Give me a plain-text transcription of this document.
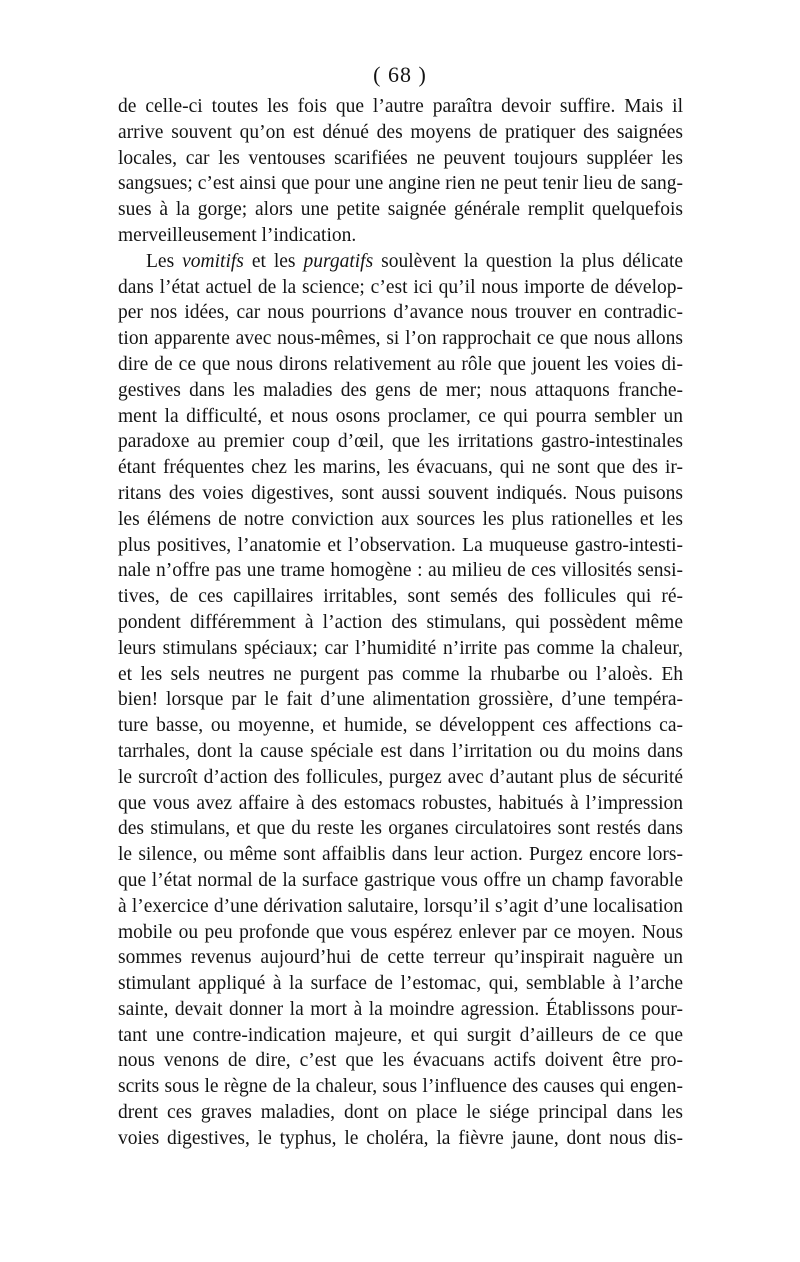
( 68 )
de celle-ci toutes les fois que l’autre paraîtra devoir suffire. Mais il
arrive souvent qu’on est dénué des moyens de pratiquer des saignées
locales, car les ventouses scarifiées ne peuvent toujours suppléer les
sangsues; c’est ainsi que pour une angine rien ne peut tenir lieu de sang-
sues à la gorge; alors une petite saignée générale remplit quelquefois
merveilleusement l’indication.
Les vomitifs et les purgatifs soulèvent la question la plus délicate
dans l’état actuel de la science; c’est ici qu’il nous importe de dévelop-
per nos idées, car nous pourrions d’avance nous trouver en contradic-
tion apparente avec nous-mêmes, si l’on rapprochait ce que nous allons
dire de ce que nous dirons relativement au rôle que jouent les voies di-
gestives dans les maladies des gens de mer; nous attaquons franche-
ment la difficulté, et nous osons proclamer, ce qui pourra sembler un
paradoxe au premier coup d’œil, que les irritations gastro-intestinales
étant fréquentes chez les marins, les évacuans, qui ne sont que des ir-
ritans des voies digestives, sont aussi souvent indiqués. Nous puisons
les élémens de notre conviction aux sources les plus rationelles et les
plus positives, l’anatomie et l’observation. La muqueuse gastro-intesti-
nale n’offre pas une trame homogène : au milieu de ces villosités sensi-
tives, de ces capillaires irritables, sont semés des follicules qui ré-
pondent différemment à l’action des stimulans, qui possèdent même
leurs stimulans spéciaux; car l’humidité n’irrite pas comme la chaleur,
et les sels neutres ne purgent pas comme la rhubarbe ou l’aloès. Eh
bien! lorsque par le fait d’une alimentation grossière, d’une tempéra-
ture basse, ou moyenne, et humide, se développent ces affections ca-
tarrhales, dont la cause spéciale est dans l’irritation ou du moins dans
le surcroît d’action des follicules, purgez avec d’autant plus de sécurité
que vous avez affaire à des estomacs robustes, habitués à l’impression
des stimulans, et que du reste les organes circulatoires sont restés dans
le silence, ou même sont affaiblis dans leur action. Purgez encore lors-
que l’état normal de la surface gastrique vous offre un champ favorable
à l’exercice d’une dérivation salutaire, lorsqu’il s’agit d’une localisation
mobile ou peu profonde que vous espérez enlever par ce moyen. Nous
sommes revenus aujourd’hui de cette terreur qu’inspirait naguère un
stimulant appliqué à la surface de l’estomac, qui, semblable à l’arche
sainte, devait donner la mort à la moindre agression. Établissons pour-
tant une contre-indication majeure, et qui surgit d’ailleurs de ce que
nous venons de dire, c’est que les évacuans actifs doivent être pro-
scrits sous le règne de la chaleur, sous l’influence des causes qui engen-
drent ces graves maladies, dont on place le siége principal dans les
voies digestives, le typhus, le choléra, la fièvre jaune, dont nous dis-
